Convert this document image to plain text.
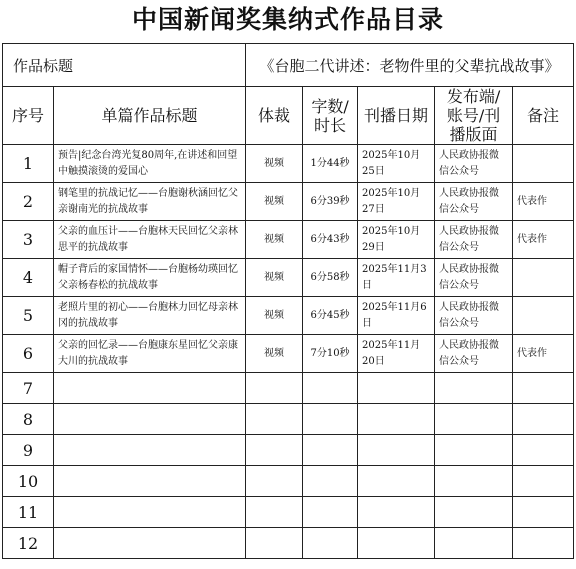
中国新闻奖集纳式作品目录
作品标题		《台胞二代讲述：老物件里的父辈抗战故事》				
序号	单篇作品标题	体裁	字数/时长	刊播日期	发布端/账号/刊播版面	备注
1	预告|纪念台湾光复80周年,在讲述和回望中触摸滚烫的爱国心	视频	1分44秒	2025年10月25日	人民政协报微信公众号	
2	钢笔里的抗战记忆——台胞谢秋涵回忆父亲谢南光的抗战故事	视频	6分39秒	2025年10月27日	人民政协报微信公众号	代表作
3	父亲的血压计——台胞林天民回忆父亲林思平的抗战故事	视频	6分43秒	2025年10月29日	人民政协报微信公众号	代表作
4	帽子背后的家国情怀——台胞杨幼瑛回忆父亲杨春松的抗战故事	视频	6分58秒	2025年11月3日	人民政协报微信公众号	
5	老照片里的初心——台胞林力回忆母亲林冈的抗战故事	视频	6分45秒	2025年11月6日	人民政协报微信公众号	
6	父亲的回忆录——台胞康东星回忆父亲康大川的抗战故事	视频	7分10秒	2025年11月20日	人民政协报微信公众号	代表作
7						
8						
9						
10						
11						
12						
